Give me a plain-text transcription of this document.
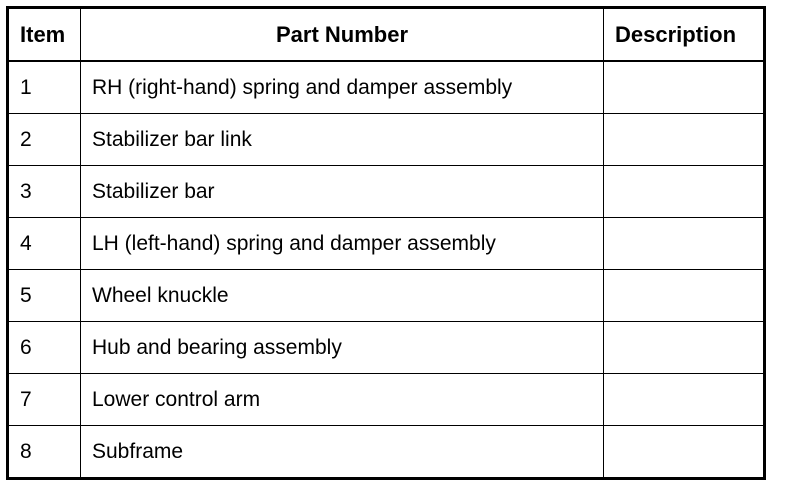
Item	Part Number	Description
1	RH (right-hand) spring and damper assembly	
2	Stabilizer bar link	
3	Stabilizer bar	
4	LH (left-hand) spring and damper assembly	
5	Wheel knuckle	
6	Hub and bearing assembly	
7	Lower control arm	
8	Subframe	
